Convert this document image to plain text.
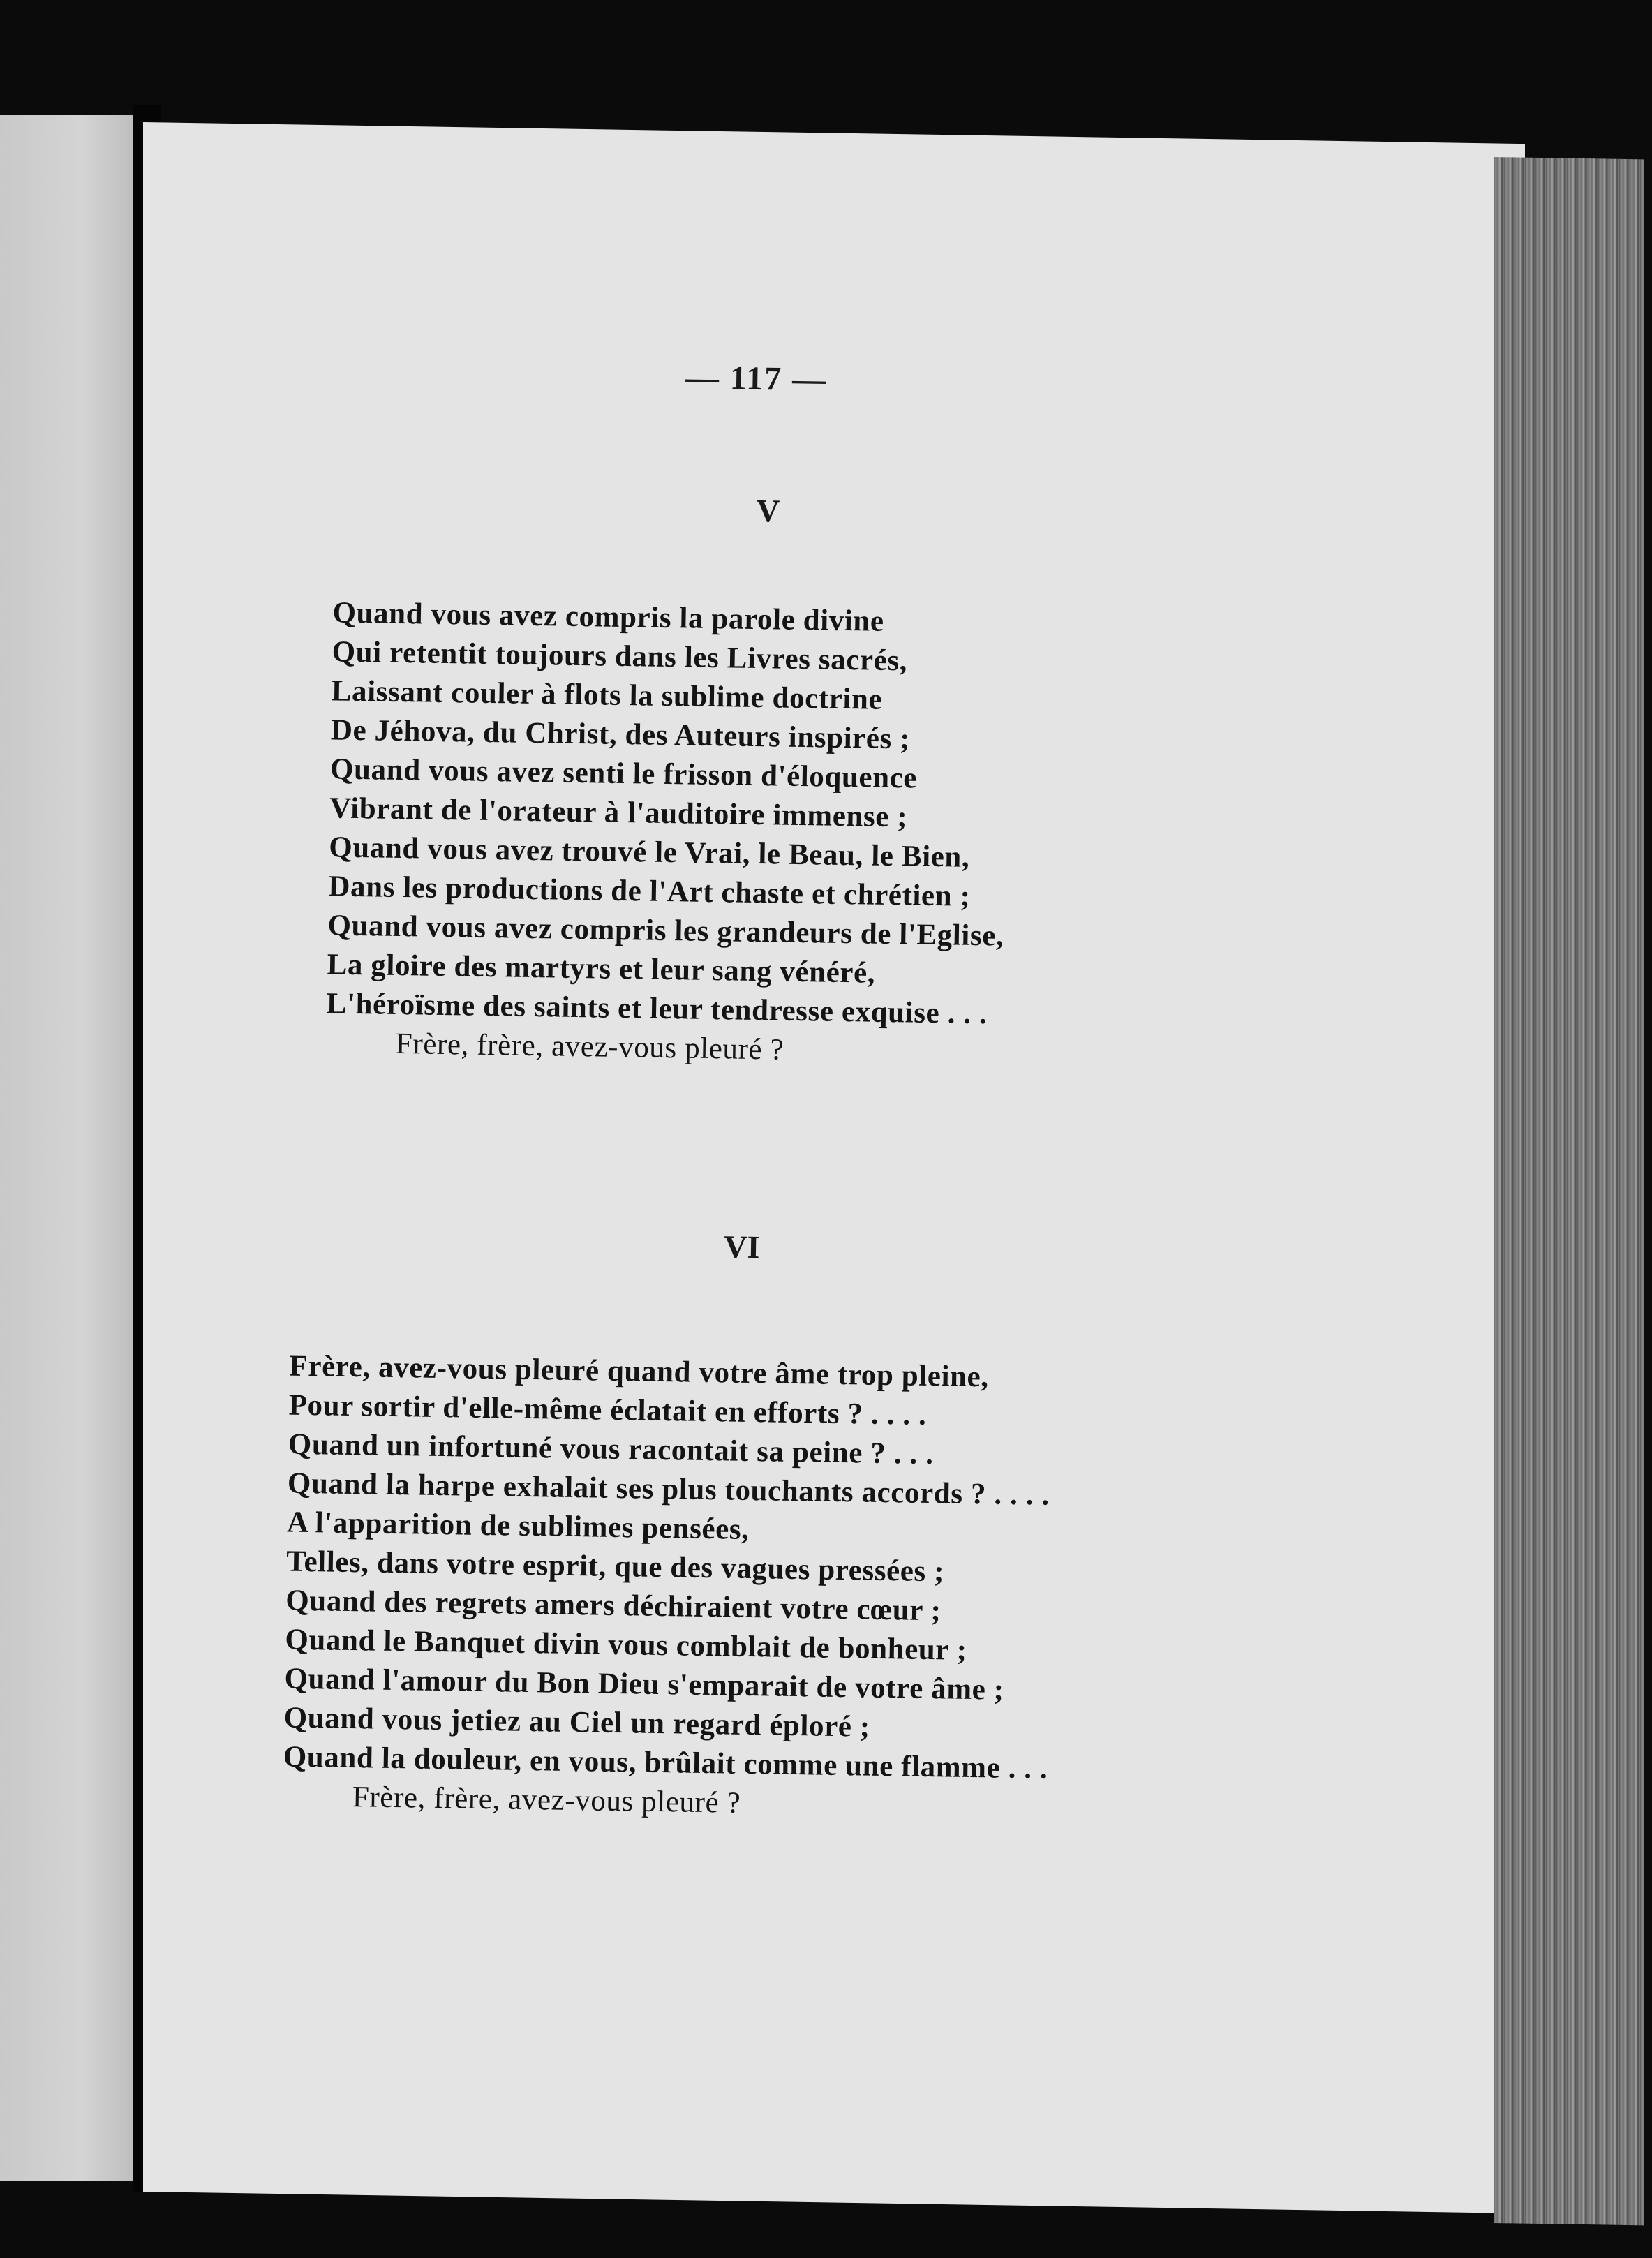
— 117 —
V
Quand vous avez compris la parole divine
Qui retentit toujours dans les Livres sacrés,
Laissant couler à flots la sublime doctrine
De Jéhova, du Christ, des Auteurs inspirés ;
Quand vous avez senti le frisson d'éloquence
Vibrant de l'orateur à l'auditoire immense ;
Quand vous avez trouvé le Vrai, le Beau, le Bien,
Dans les productions de l'Art chaste et chrétien ;
Quand vous avez compris les grandeurs de l'Eglise,
La gloire des martyrs et leur sang vénéré,
L'héroïsme des saints et leur tendresse exquise . . .
Frère, frère, avez-vous pleuré ?
VI
Frère, avez-vous pleuré quand votre âme trop pleine,
Pour sortir d'elle-même éclatait en efforts ? . . . .
Quand un infortuné vous racontait sa peine ? . . .
Quand la harpe exhalait ses plus touchants accords ? . . . .
A l'apparition de sublimes pensées,
Telles, dans votre esprit, que des vagues pressées ;
Quand des regrets amers déchiraient votre cœur ;
Quand le Banquet divin vous comblait de bonheur ;
Quand l'amour du Bon Dieu s'emparait de votre âme ;
Quand vous jetiez au Ciel un regard éploré ;
Quand la douleur, en vous, brûlait comme une flamme . . .
Frère, frère, avez-vous pleuré ?
